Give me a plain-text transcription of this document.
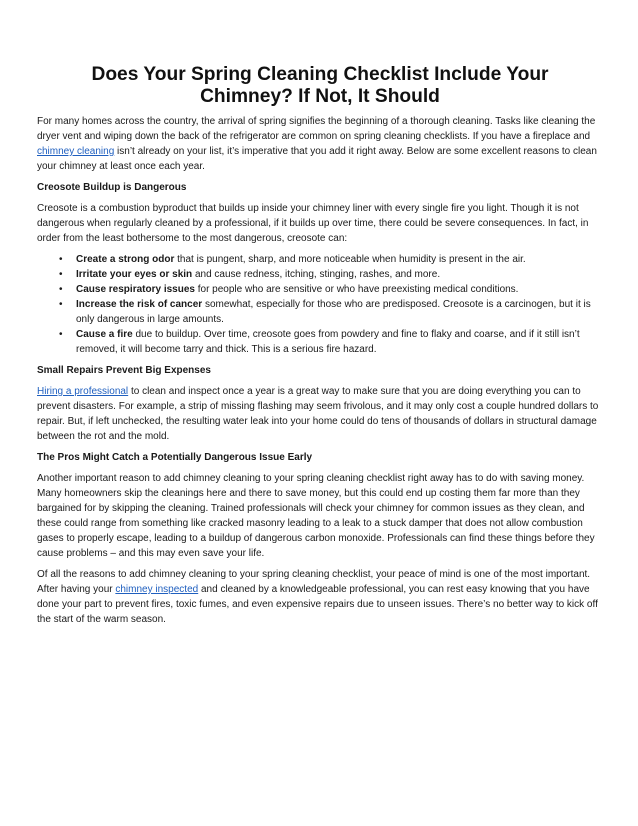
Does Your Spring Cleaning Checklist Include Your
Chimney? If Not, It Should

For many homes across the country, the arrival of spring signifies the beginning of a thorough cleaning. Tasks like cleaning the dryer vent and wiping down the back of the refrigerator are common on spring cleaning checklists. If you have a fireplace and chimney cleaning isn’t already on your list, it’s imperative that you add it right away. Below are some excellent reasons to clean your chimney at least once each year.

Creosote Buildup is Dangerous

Creosote is a combustion byproduct that builds up inside your chimney liner with every single fire you light. Though it is not dangerous when regularly cleaned by a professional, if it builds up over time, there could be severe consequences. In fact, in order from the least bothersome to the most dangerous, creosote can:

• Create a strong odor that is pungent, sharp, and more noticeable when humidity is present in the air.
• Irritate your eyes or skin and cause redness, itching, stinging, rashes, and more.
• Cause respiratory issues for people who are sensitive or who have preexisting medical conditions.
• Increase the risk of cancer somewhat, especially for those who are predisposed. Creosote is a carcinogen, but it is only dangerous in large amounts.
• Cause a fire due to buildup. Over time, creosote goes from powdery and fine to flaky and coarse, and if it still isn’t removed, it will become tarry and thick. This is a serious fire hazard.

Small Repairs Prevent Big Expenses

Hiring a professional to clean and inspect once a year is a great way to make sure that you are doing everything you can to prevent disasters. For example, a strip of missing flashing may seem frivolous, and it may only cost a couple hundred dollars to repair. But, if left unchecked, the resulting water leak into your home could do tens of thousands of dollars in structural damage between the rot and the mold.

The Pros Might Catch a Potentially Dangerous Issue Early

Another important reason to add chimney cleaning to your spring cleaning checklist right away has to do with saving money. Many homeowners skip the cleanings here and there to save money, but this could end up costing them far more than they bargained for by skipping the cleaning. Trained professionals will check your chimney for common issues as they clean, and these could range from something like cracked masonry leading to a leak to a stuck damper that does not allow combustion gases to properly escape, leading to a buildup of dangerous carbon monoxide. Professionals can find these things before they cause problems – and this may even save your life.

Of all the reasons to add chimney cleaning to your spring cleaning checklist, your peace of mind is one of the most important. After having your chimney inspected and cleaned by a knowledgeable professional, you can rest easy knowing that you have done your part to prevent fires, toxic fumes, and even expensive repairs due to unseen issues. There’s no better way to kick off the start of the warm season.
